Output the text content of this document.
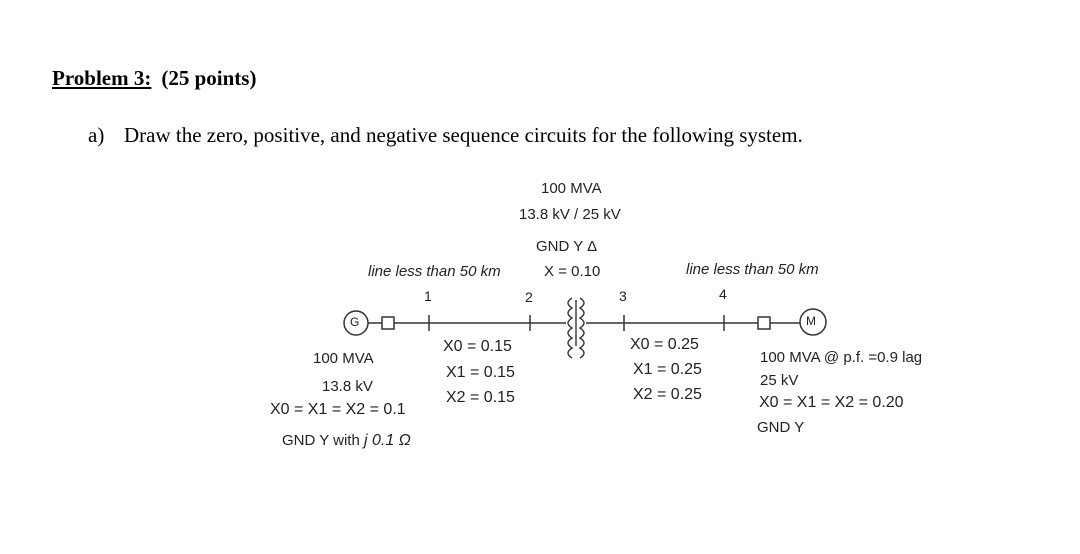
Problem 3: (25 points)
a) Draw the zero, positive, and negative sequence circuits for the following system.
G	M
100 MVA
13.8 kV / 25 kV
GND Y Δ
X = 0.10
line less than 50 km	line less than 50 km
1	2	3	4
X0 = 0.15
X1 = 0.15
X2 = 0.15
X0 = 0.25
X1 = 0.25
X2 = 0.25
100 MVA
13.8 kV
X0 = X1 = X2 = 0.1
GND Y with j 0.1 Ω
100 MVA @ p.f. =0.9 lag
25 kV
X0 = X1 = X2 = 0.20
GND Y
